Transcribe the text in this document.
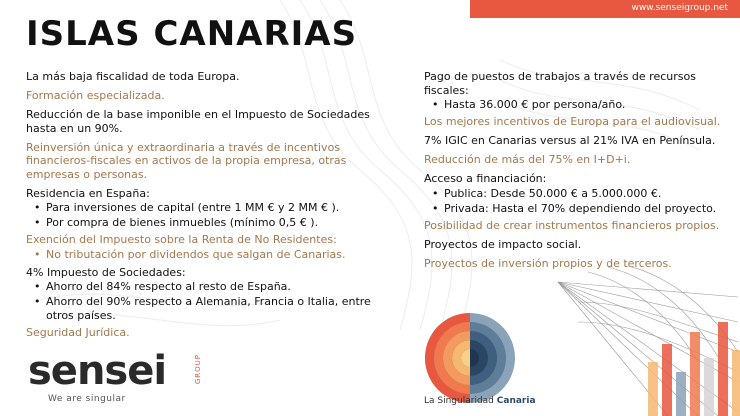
www.senseigroup.net
ISLAS CANARIAS

La más baja fiscalidad de toda Europa.

Formación especializada.

Reducción de la base imponible en el Impuesto de Sociedades hasta en un 90%.

Reinversión única y extraordinaria a través de incentivos financieros-fiscales en activos de la propia empresa, otras empresas o personas.

Residencia en España:

• Para inversiones de capital (entre 1 MM € y 2 MM € ).
• Por compra de bienes inmuebles (mínimo 0,5 € ).

Exención del Impuesto sobre la Renta de No Residentes:

• No tributación por dividendos que salgan de Canarias.

4% Impuesto de Sociedades:

• Ahorro del 84% respecto al resto de España.
• Ahorro del 90% respecto a Alemania, Francia o Italia, entre otros países.

Seguridad Jurídica.

Pago de puestos de trabajos a través de recursos fiscales:

• Hasta 36.000 € por persona/año.

Los mejores incentivos de Europa para el audiovisual.

7% IGIC en Canarias versus al 21% IVA en Península.

Reducción de más del 75% en I+D+i.

Acceso a financiación:

• Publica: Desde 50.000 € a 5.000.000 €.
• Privada: Hasta el 70% dependiendo del proyecto.

Posibilidad de crear instrumentos financieros propios.

Proyectos de impacto social.

Proyectos de inversión propios y de terceros.

sensei	GROUP
We are singular	La Singularidad Canaria
